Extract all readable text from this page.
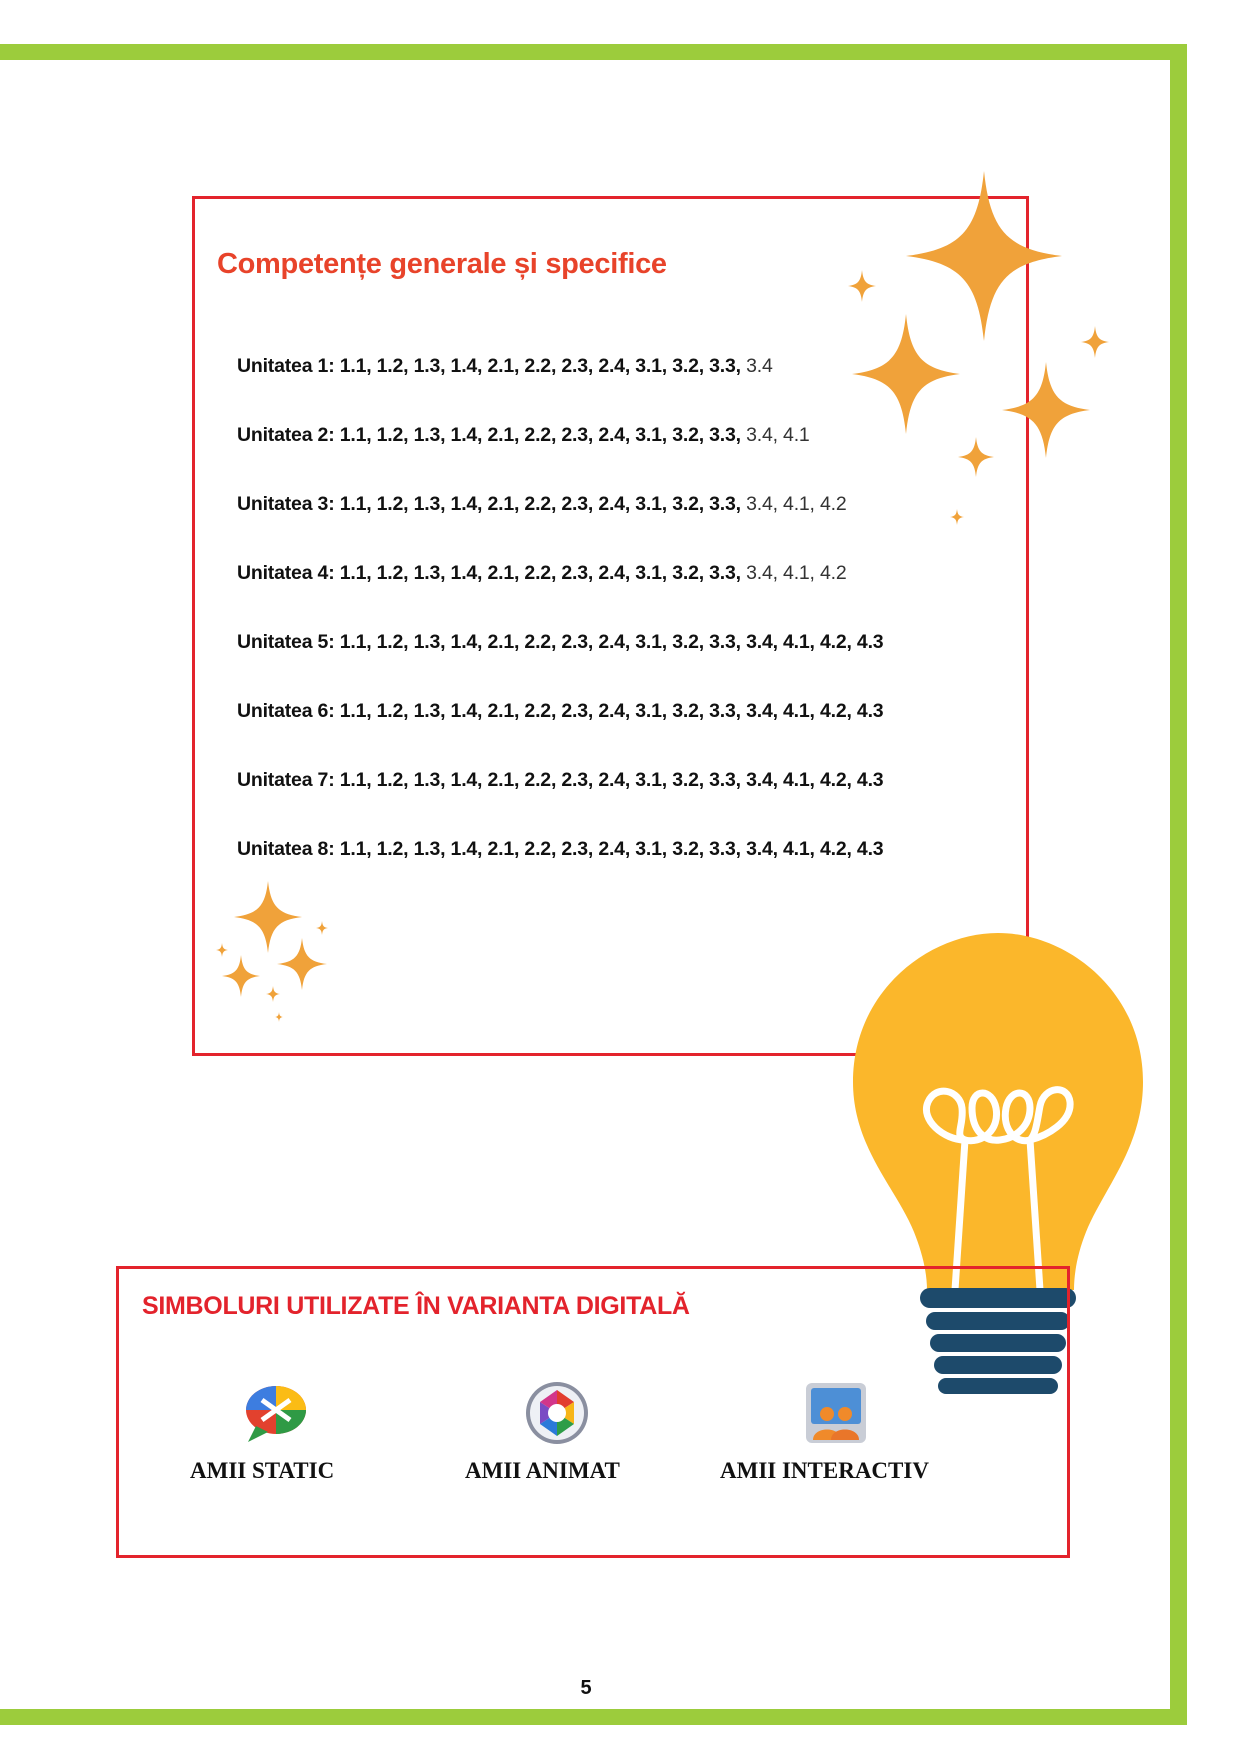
Competențe generale și specifice
Unitatea 1: 1.1, 1.2, 1.3, 1.4, 2.1, 2.2, 2.3, 2.4, 3.1, 3.2, 3.3, 3.4
Unitatea 2: 1.1, 1.2, 1.3, 1.4, 2.1, 2.2, 2.3, 2.4, 3.1, 3.2, 3.3, 3.4, 4.1
Unitatea 3: 1.1, 1.2, 1.3, 1.4, 2.1, 2.2, 2.3, 2.4, 3.1, 3.2, 3.3, 3.4, 4.1, 4.2
Unitatea 4: 1.1, 1.2, 1.3, 1.4, 2.1, 2.2, 2.3, 2.4, 3.1, 3.2, 3.3, 3.4, 4.1, 4.2
Unitatea 5: 1.1, 1.2, 1.3, 1.4, 2.1, 2.2, 2.3, 2.4, 3.1, 3.2, 3.3, 3.4, 4.1, 4.2, 4.3
Unitatea 6: 1.1, 1.2, 1.3, 1.4, 2.1, 2.2, 2.3, 2.4, 3.1, 3.2, 3.3, 3.4, 4.1, 4.2, 4.3
Unitatea 7: 1.1, 1.2, 1.3, 1.4, 2.1, 2.2, 2.3, 2.4, 3.1, 3.2, 3.3, 3.4, 4.1, 4.2, 4.3
Unitatea 8: 1.1, 1.2, 1.3, 1.4, 2.1, 2.2, 2.3, 2.4, 3.1, 3.2, 3.3, 3.4, 4.1, 4.2, 4.3
SIMBOLURI UTILIZATE ÎN VARIANTA DIGITALĂ
AMII STATIC	AMII ANIMAT	AMII INTERACTIV
5
